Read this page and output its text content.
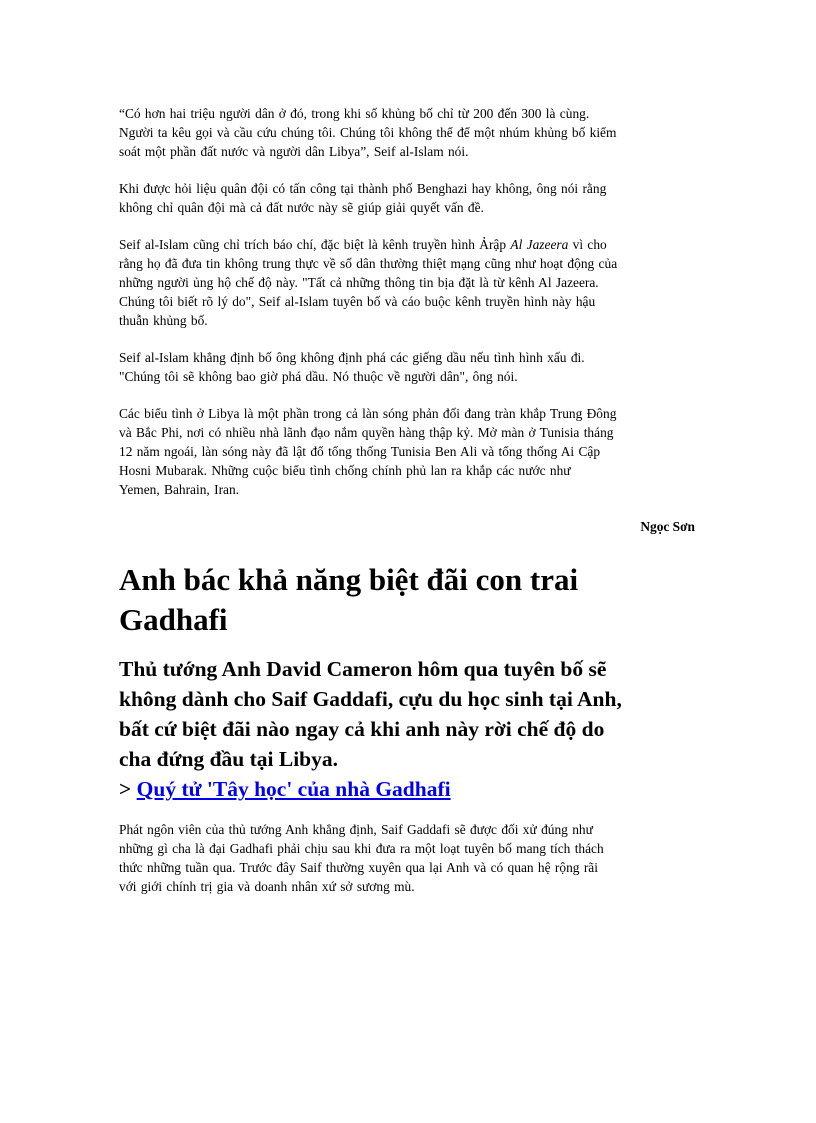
“Có hơn hai triệu người dân ở đó, trong khi số khủng bố chỉ từ 200 đến 300 là cùng.
Người ta kêu gọi và cầu cứu chúng tôi. Chúng tôi không thể để một nhúm khủng bố kiểm
soát một phần đất nước và người dân Libya”, Seif al-Islam nói.
Khi được hỏi liệu quân đội có tấn công tại thành phố Benghazi hay không, ông nói rằng
không chỉ quân đội mà cả đất nước này sẽ giúp giải quyết vấn đề.
Seif al-Islam cũng chỉ trích báo chí, đặc biệt là kênh truyền hình Ảrập Al Jazeera vì cho
rằng họ đã đưa tin không trung thực về số dân thường thiệt mạng cũng như hoạt động của
những người ủng hộ chế độ này. "Tất cả những thông tin bịa đặt là từ kênh Al Jazeera.
Chúng tôi biết rõ lý do", Seif al-Islam tuyên bố và cáo buộc kênh truyền hình này hậu
thuẫn khủng bố.
Seif al-Islam khẳng định bố ông không định phá các giếng dầu nếu tình hình xấu đi.
"Chúng tôi sẽ không bao giờ phá dầu. Nó thuộc về người dân", ông nói.
Các biểu tình ở Libya là một phần trong cả làn sóng phản đối đang tràn khắp Trung Đông
và Bắc Phi, nơi có nhiều nhà lãnh đạo nắm quyền hàng thập kỷ. Mở màn ở Tunisia tháng
12 năm ngoái, làn sóng này đã lật đổ tổng thống Tunisia Ben Ali và tổng thống Ai Cập
Hosni Mubarak. Những cuộc biểu tình chống chính phủ lan ra khắp các nước như
Yemen, Bahrain, Iran.
Ngọc Sơn
Anh bác khả năng biệt đãi con trai
Gadhafi
Thủ tướng Anh David Cameron hôm qua tuyên bố sẽ
không dành cho Saif Gaddafi, cựu du học sinh tại Anh,
bất cứ biệt đãi nào ngay cả khi anh này rời chế độ do
cha đứng đầu tại Libya.
> Quý tử 'Tây học' của nhà Gadhafi
Phát ngôn viên của thủ tướng Anh khẳng định, Saif Gaddafi sẽ được đối xử đúng như
những gì cha là đại Gadhafi phải chịu sau khi đưa ra một loạt tuyên bố mang tích thách
thức những tuần qua. Trước đây Saif thường xuyên qua lại Anh và có quan hệ rộng rãi
với giới chính trị gia và doanh nhân xứ sở sương mù.
